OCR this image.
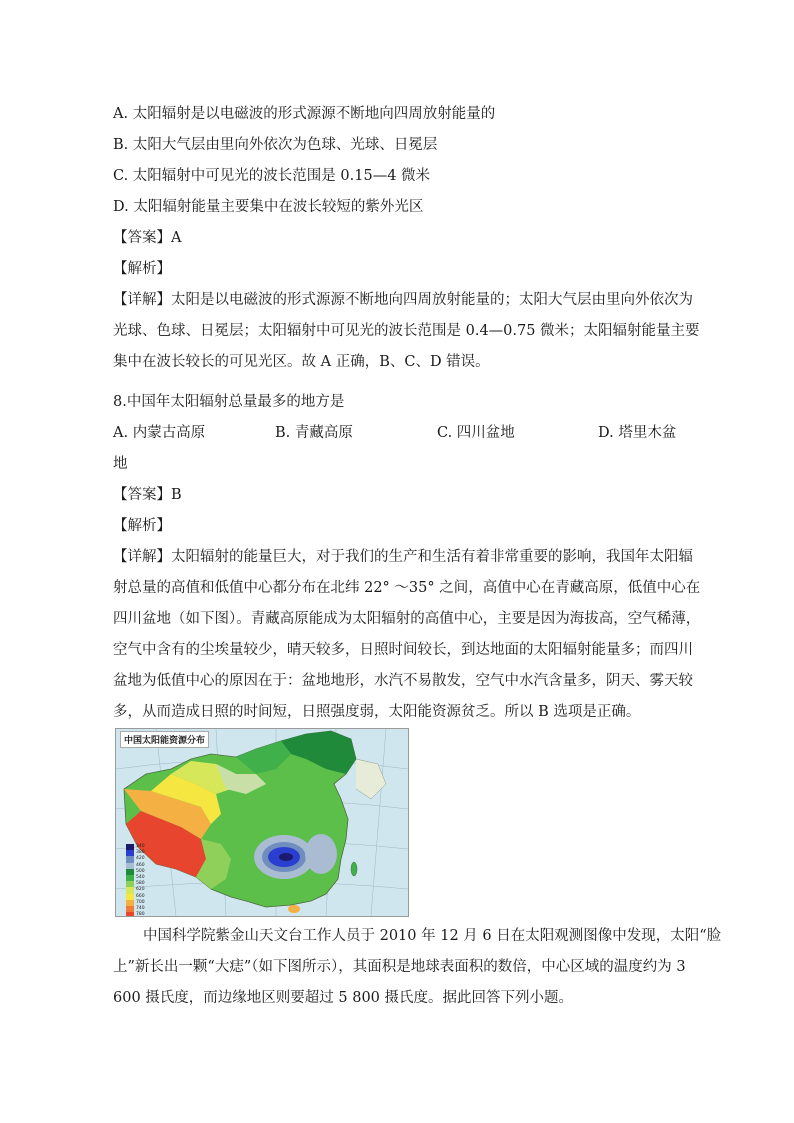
A. 太阳辐射是以电磁波的形式源源不断地向四周放射能量的
B. 太阳大气层由里向外依次为色球、光球、日冕层
C. 太阳辐射中可见光的波长范围是 0.15—4 微米
D. 太阳辐射能量主要集中在波长较短的紫外光区
【答案】A
【解析】
【详解】太阳是以电磁波的形式源源不断地向四周放射能量的；太阳大气层由里向外依次为
光球、色球、日冕层；太阳辐射中可见光的波长范围是 0.4—0.75 微米；太阳辐射能量主要
集中在波长较长的可见光区。故 A 正确，B、C、D 错误。
8.中国年太阳辐射总量最多的地方是
A. 内蒙古高原	B. 青藏高原	C. 四川盆地	D. 塔里木盆
地
【答案】B
【解析】
【详解】太阳辐射的能量巨大，对于我们的生产和生活有着非常重要的影响，我国年太阳辐
射总量的高值和低值中心都分布在北纬 22° ～35° 之间，高值中心在青藏高原，低值中心在
四川盆地（如下图）。青藏高原能成为太阳辐射的高值中心，主要是因为海拔高，空气稀薄，
空气中含有的尘埃量较少，晴天较多，日照时间较长，到达地面的太阳辐射能量多；而四川
盆地为低值中心的原因在于：盆地地形，水汽不易散发，空气中水汽含量多，阴天、雾天较
多，从而造成日照的时间短，日照强度弱，太阳能资源贫乏。所以 B 选项是正确。
中国太阳能资源分布
340
380
420
460
500
540
580
620
660
700
740
780
中国科学院紫金山天文台工作人员于 2010 年 12 月 6 日在太阳观测图像中发现，太阳“脸
上”新长出一颗“大痣”（如下图所示），其面积是地球表面积的数倍，中心区域的温度约为 3
600 摄氏度，而边缘地区则要超过 5 800 摄氏度。据此回答下列小题。
